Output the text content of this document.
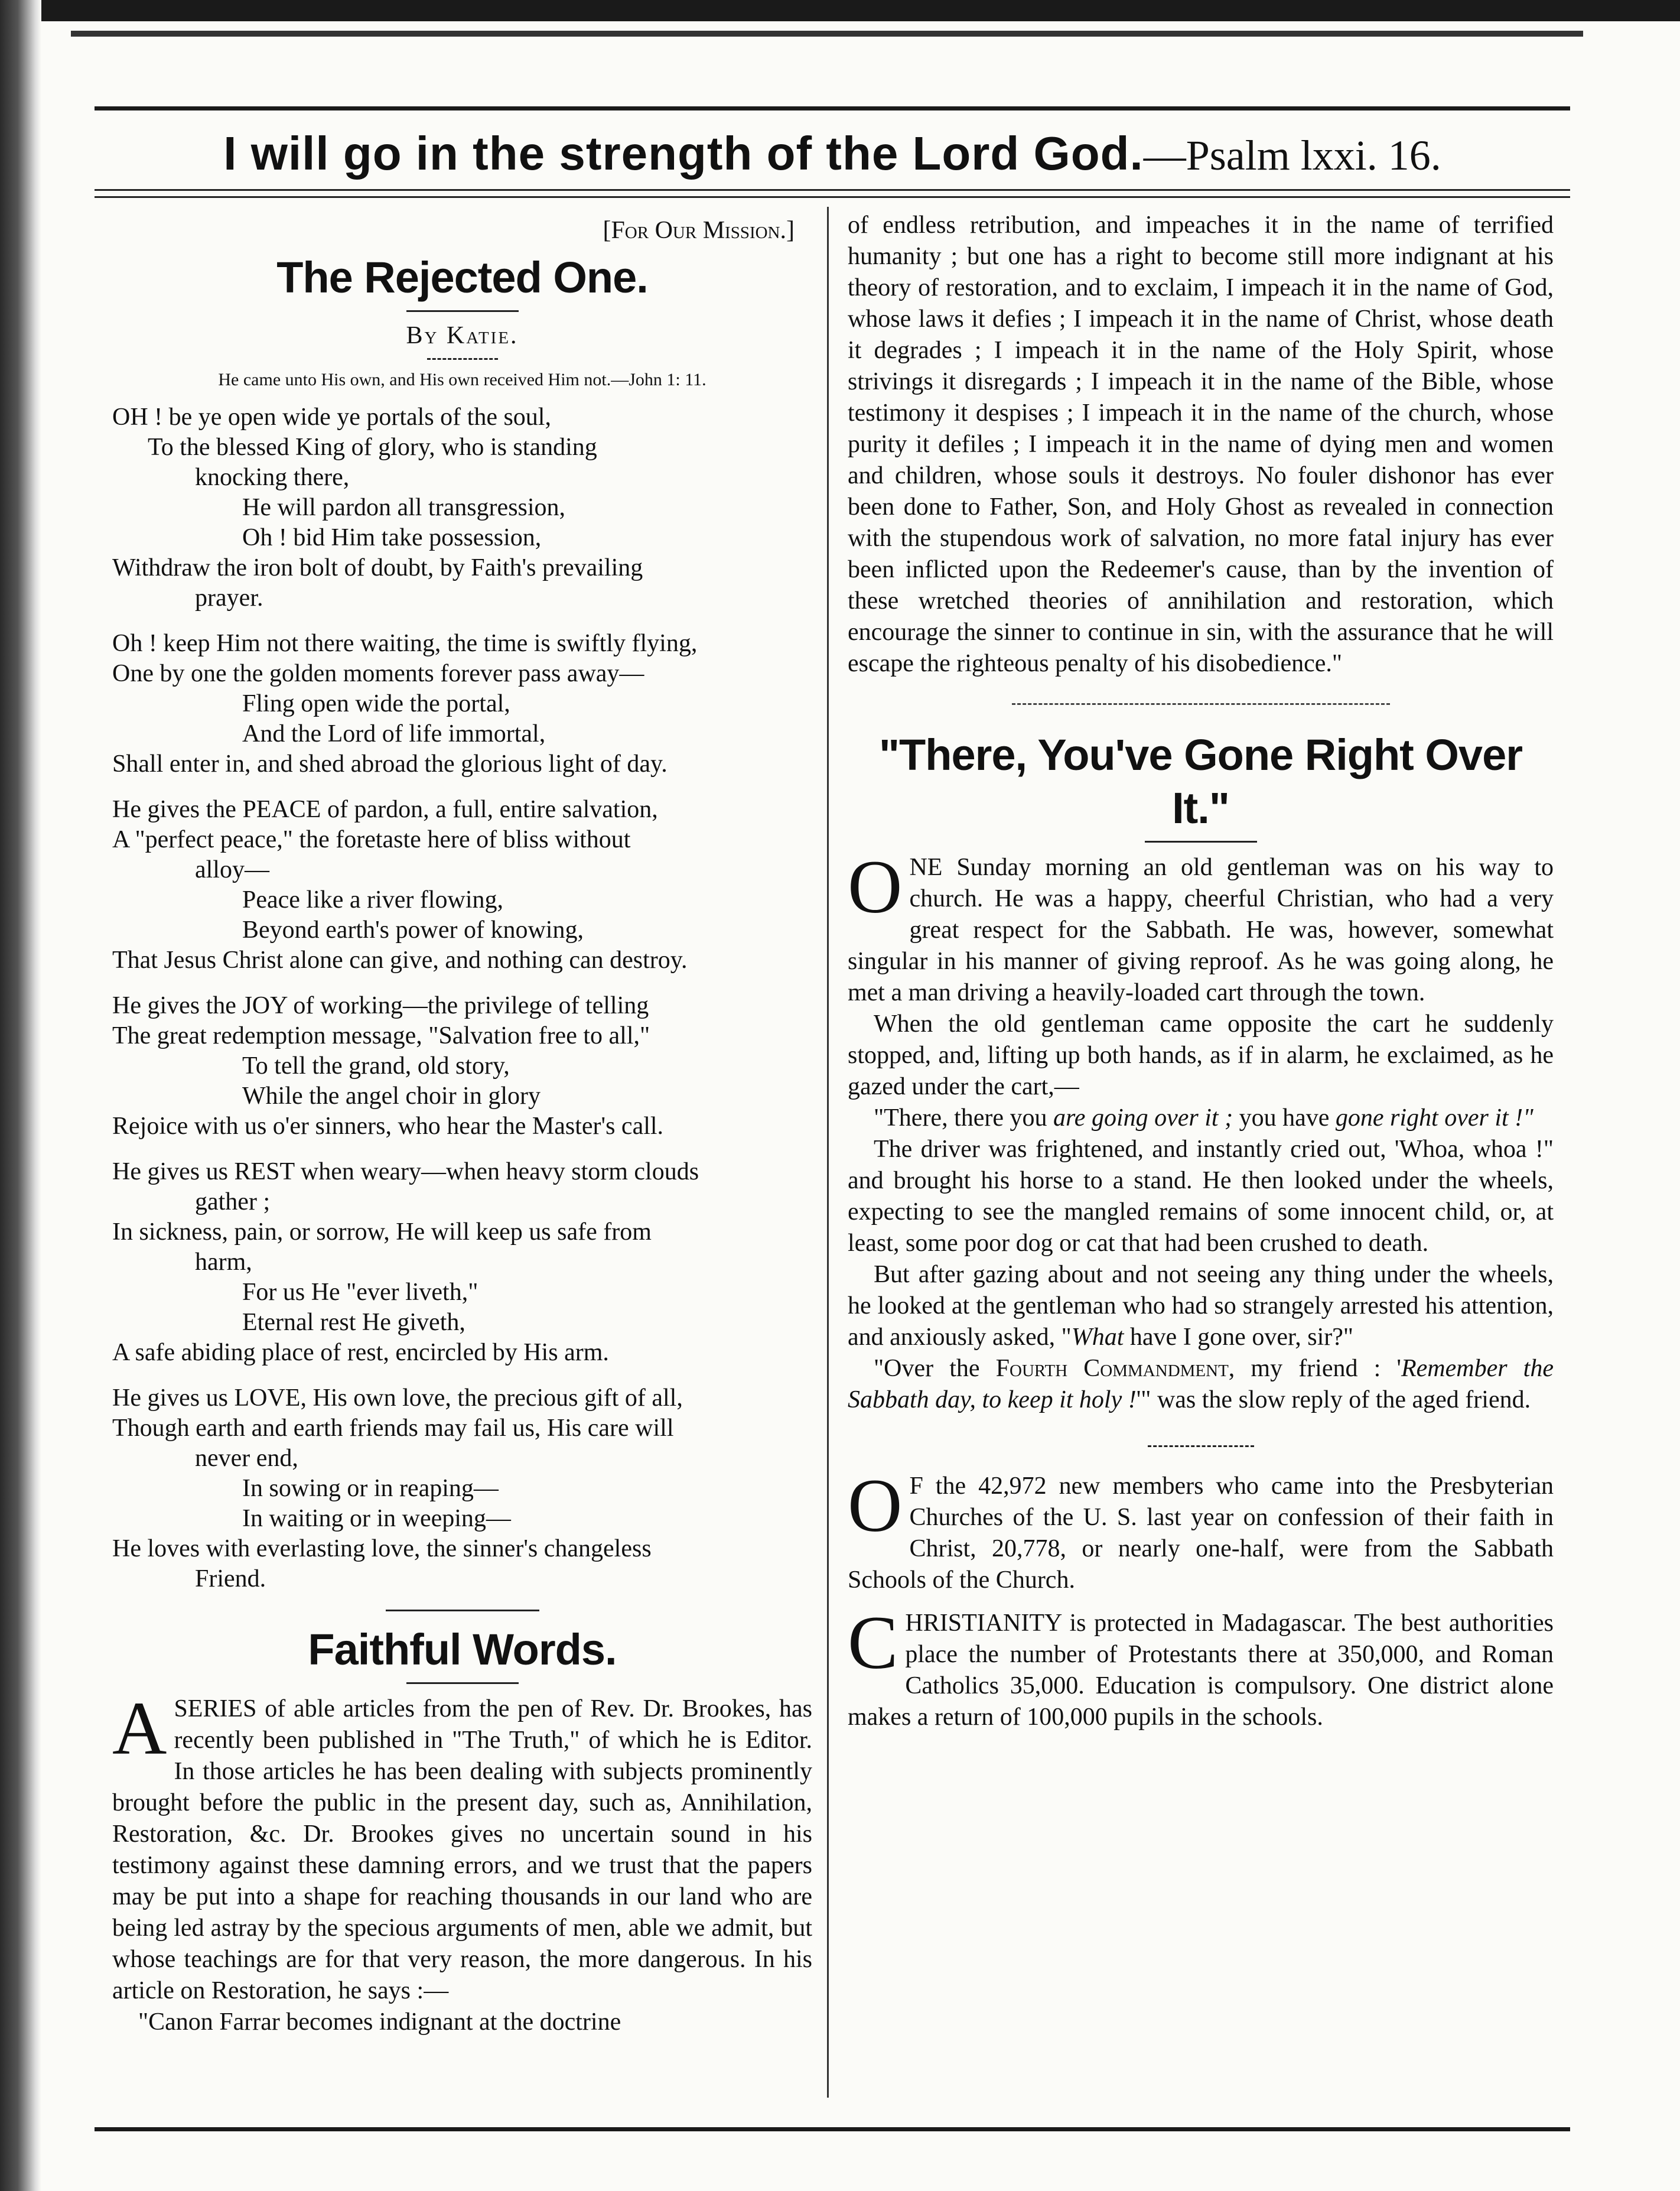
I will go in the strength of the Lord God.—Psalm lxxi. 16.

[For Our Mission.]

The Rejected One.

By Katie.

He came unto His own, and His own received Him not.—John 1: 11.

OH ! be ye open wide ye portals of the soul,
To the blessed King of glory, who is standing
knocking there,
He will pardon all transgression,
Oh ! bid Him take possession,
Withdraw the iron bolt of doubt, by Faith's prevailing
prayer.
Oh ! keep Him not there waiting, the time is swiftly flying,
One by one the golden moments forever pass away—
Fling open wide the portal,
And the Lord of life immortal,
Shall enter in, and shed abroad the glorious light of day.
He gives the PEACE of pardon, a full, entire salvation,
A "perfect peace," the foretaste here of bliss without
alloy—
Peace like a river flowing,
Beyond earth's power of knowing,
That Jesus Christ alone can give, and nothing can destroy.
He gives the JOY of working—the privilege of telling
The great redemption message, "Salvation free to all,"
To tell the grand, old story,
While the angel choir in glory
Rejoice with us o'er sinners, who hear the Master's call.
He gives us REST when weary—when heavy storm clouds
gather ;
In sickness, pain, or sorrow, He will keep us safe from
harm,
For us He "ever liveth,"
Eternal rest He giveth,
A safe abiding place of rest, encircled by His arm.
He gives us LOVE, His own love, the precious gift of all,
Though earth and earth friends may fail us, His care will
never end,
In sowing or in reaping—
In waiting or in weeping—
He loves with everlasting love, the sinner's changeless
Friend.
Faithful Words.

ASERIES of able articles from the pen of Rev. Dr. Brookes, has recently been published in "The Truth," of which he is Editor. In those articles he has been dealing with subjects prominently brought before the public in the present day, such as, Annihilation, Restoration, &c. Dr. Brookes gives no uncertain sound in his testimony against these damning errors, and we trust that the papers may be put into a shape for reaching thousands in our land who are being led astray by the specious arguments of men, able we admit, but whose teachings are for that very reason, the more dangerous. In his article on Restoration, he says :—

"Canon Farrar becomes indignant at the doctrine

of endless retribution, and impeaches it in the name of terrified humanity ; but one has a right to become still more indignant at his theory of restoration, and to exclaim, I impeach it in the name of God, whose laws it defies ; I impeach it in the name of Christ, whose death it degrades ; I impeach it in the name of the Holy Spirit, whose strivings it disregards ; I impeach it in the name of the Bible, whose testimony it despises ; I impeach it in the name of the church, whose purity it defiles ; I impeach it in the name of dying men and women and children, whose souls it destroys. No fouler dishonor has ever been done to Father, Son, and Holy Ghost as revealed in connection with the stupendous work of salvation, no more fatal injury has ever been inflicted upon the Redeemer's cause, than by the invention of these wretched theories of annihilation and restoration, which encourage the sinner to continue in sin, with the assurance that he will escape the righteous penalty of his disobedience."

"There, You've Gone Right Over It."

ONE Sunday morning an old gentleman was on his way to church. He was a happy, cheerful Christian, who had a very great respect for the Sabbath. He was, however, somewhat singular in his manner of giving reproof. As he was going along, he met a man driving a heavily-loaded cart through the town.

When the old gentleman came opposite the cart he suddenly stopped, and, lifting up both hands, as if in alarm, he exclaimed, as he gazed under the cart,—

"There, there you are going over it ; you have gone right over it !"

The driver was frightened, and instantly cried out, 'Whoa, whoa !" and brought his horse to a stand. He then looked under the wheels, expecting to see the mangled remains of some innocent child, or, at least, some poor dog or cat that had been crushed to death.

But after gazing about and not seeing any thing under the wheels, he looked at the gentleman who had so strangely arrested his attention, and anxiously asked, "What have I gone over, sir?"

"Over the Fourth Commandment, my friend : 'Remember the Sabbath day, to keep it holy !'" was the slow reply of the aged friend.

O F the 42,972 new members who came into the Presbyterian Churches of the U. S. last year on confession of their faith in Christ, 20,778, or nearly one-half, were from the Sabbath Schools of the Church.

CHRISTIANITY is protected in Madagascar. The best authorities place the number of Protestants there at 350,000, and Roman Catholics 35,000. Education is compulsory. One district alone makes a return of 100,000 pupils in the schools.
